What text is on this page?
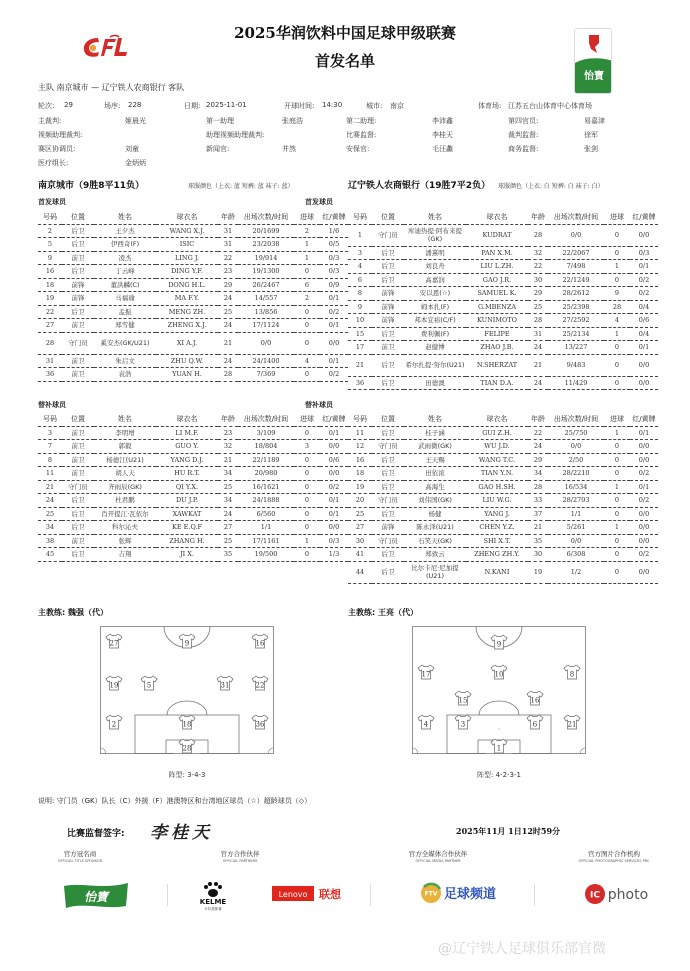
2025华润饮料中国足球甲级联赛
首发名单
怡寶
主队 南京城市 — 辽宁铁人农商银行 客队
轮次: 29	场序: 228	日期: 2025-11-01	开球时间: 14:30	城市: 南京	体育场: 江苏五台山体育中心体育场
主裁判:	姬晨光	第一助理	张庭浩	第二助理:	李沛鑫	第四官员:	易嘉津
视频助理裁判:	助理视频助理裁判:	比赛监督:	李桂天	裁判监督:	徐军
赛区协调员:	刘童	新闻官:	井然	安保官:	毛汪蠡	商务监督:	张剑
医疗组长:	金炳炳
南京城市（9胜8平11负）	球服颜色（上衣: 蓝 短裤: 蓝 袜子: 蓝）	辽宁铁人农商银行（19胜7平2负） 球服颜色（上衣: 白 短裤: 白 袜子: 白）
首发球员	首发球员
号码	位置	姓名	球衣名	年龄	出场次数/时间	进球	红/黄牌
2	后卫	王夕杰	WANG X.J.	31	20/1699	2	1/6
5	后卫	伊西奇(F)	ISIC	31	23/2038	1	0/5
9	前卫	凌杰	LING J.	22	19/914	1	0/3
16	后卫	丁云峰	DING Y.F.	23	19/1300	0	0/3
18	前锋	董洪麟(C)	DONG H.L.	29	26/2467	6	0/9
19	前锋	马福瑜	MA F.Y.	24	14/557	2	0/1
22	后卫	孟振	MENG ZH.	25	13/856	0	0/2
27	前卫	郑雪健	ZHENG X.J.	24	17/1124	0	0/1
28	守门员	奚安杰(GK/U21)	XI A.J.	21	0/0	0	0/0
31	前卫	朱启文	ZHU Q.W.	24	24/1400	4	0/1
36	前卫	袁浩	YUAN H.	28	7/369	0	0/2
号码	位置	姓名	球衣名	年龄	出场次数/时间	进球	红/黄牌
1	守门员	库迪热提·阿布来提(GK)	KUDRAT	28	0/0	0	0/0
3	后卫	潘熹明	PAN X.M.	32	22/2067	0	0/3
4	后卫	刘良舟	LIU L.ZH.	22	7/498	1	0/1
6	后卫	高嘉润	GAO J.R.	30	22/1249	0	0/2
8	前锋	安以恩(☆)	SAMUEL K.	29	28/2612	9	0/2
9	前锋	姆本扎(F)	G.MBENZA	25	25/2398	28	0/4
10	前锋	邦本宜裕(C/F)	KUNIMOTO	28	27/2592	4	0/6
15	后卫	费利佩(F)	FELIPE	31	25/2134	1	0/4
17	前卫	赵健博	ZHAO J.B.	24	13/227	0	0/1
21	后卫	希尔扎提·努尔(U21)	N.SHERZAT	21	9/483	0	0/0
36	后卫	田德澳	TIAN D.A.	24	11/429	0	0/0
替补球员	替补球员
号码	位置	姓名	球衣名	年龄	出场次数/时间	进球	红/黄牌
3	前卫	李明增	LI M.F.	23	3/109	0	0/1
7	前卫	郭毅	GUO Y.	32	18/804	3	0/0
8	前卫	杨德江(U21)	YANG D.J.	21	22/1189	0	0/6
11	前卫	胡人天	HU R.T.	34	20/980	0	0/0
21	守门员	齐雨辰(GK)	QI Y.X.	25	16/1621	0	0/2
24	后卫	杜君鹏	DU J.P.	34	24/1888	0	0/1
25	后卫	肖开提江·瓦依尔	XAWKAT	24	6/560	0	0/1
34	后卫	科尔沁夫	KE E.Q.F	27	1/1	0	0/0
38	前卫	张辉	ZHANG H.	25	17/1161	1	0/3
45	后卫	吉翔	JI X.	35	19/500	0	1/3
号码	位置	姓名	球衣名	年龄	出场次数/时间	进球	红/黄牌
11	后卫	桂子涵	GUI Z.H.	22	25/750	1	0/1
12	守门员	武雨微(GK)	WU J.D.	24	0/0	0	0/0
16	后卫	王天赐	WANG T.C.	29	2/50	0	0/0
18	后卫	田依浓	TIAN Y.N.	34	28/2210	0	0/2
19	后卫	高海生	GAO H.SH.	28	16/534	1	0/1
20	守门员	刘伟国(GK)	LIU W.G.	33	28/2793	0	0/2
25	后卫	杨健	YANG J.	37	1/1	0	0/0
27	前锋	陈永泽(U21)	CHEN Y.Z.	21	5/261	1	0/0
30	守门员	石笑天(GK)	SHI X.T.	35	0/0	0	0/0
41	后卫	郑致云	ZHENG ZH.Y.	30	6/308	0	0/2
44	后卫	比尔卡尼·尼加提(U21)	N.KANI	19	1/2	0	0/0
主教练: 魏强（代）	主教练: 王亮（代）
27	9	16
19	5	31	22
2	18	36
28
阵型: 3-4-3
9
17	10	8
15	16
4	3	6	21
1
阵型: 4-2-3-1
说明: 守门员（GK）队长（C）外援（F）港澳特区和台湾地区球员（☆）超龄球员（◇）
比赛监督签字: 李桂天	2025年11月 1日12时59分
官方冠名商
OFFICIAL TITLE SPONSOR
官方合作伙伴
OFFICIAL PARTNERS
官方全媒体合作伙伴
OFFICIAL MEDIA PARTNER
官方图片合作机构
OFFICIAL PHOTOGRAPHIC SERVICES PRC
怡寶	KELME
卡尔美体育
Lenovo 联想	FTV 足球频道	IC photo
@辽宁铁人足球俱乐部官微
